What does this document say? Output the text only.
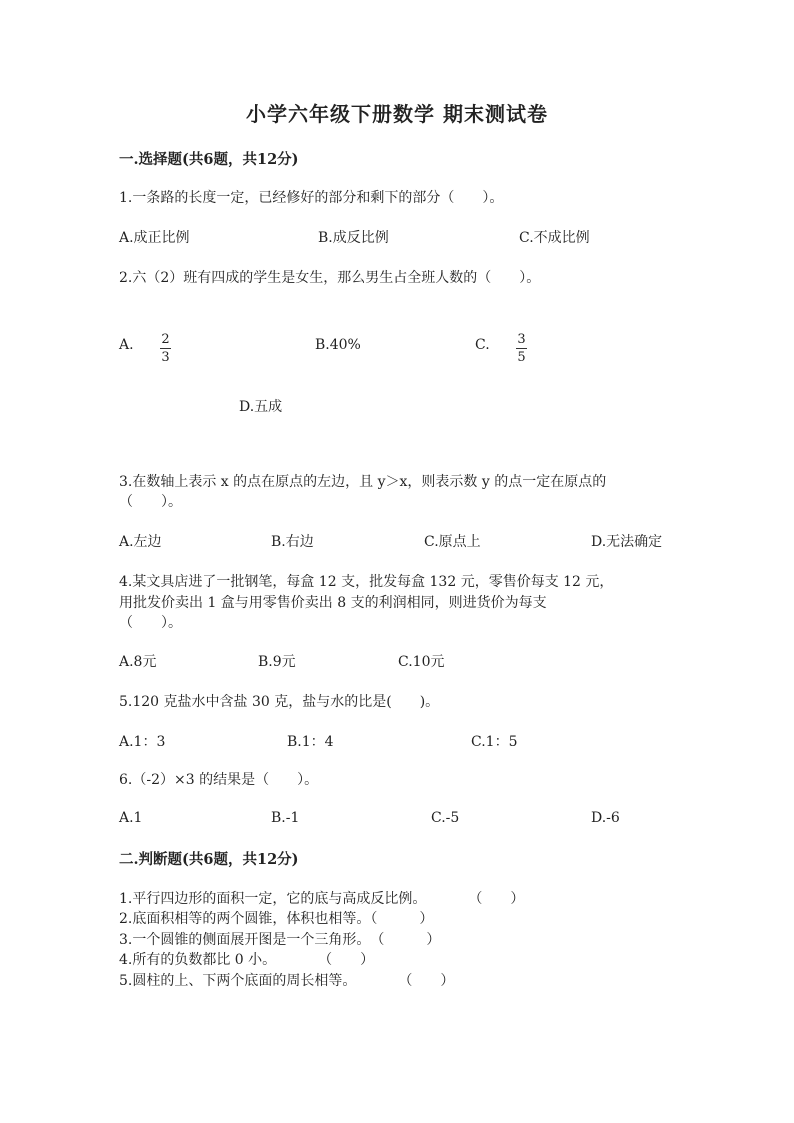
小学六年级下册数学 期末测试卷
一.选择题(共6题，共12分)
1.一条路的长度一定，已经修好的部分和剩下的部分（　　）。
A.成正比例	B.成反比例	C.不成比例
2.六（2）班有四成的学生是女生，那么男生占全班人数的（　　）。
A. $\frac{2}{3}$	B.40%	C. $\frac{3}{5}$
D.五成
3.在数轴上表示 x 的点在原点的左边，且 y＞x，则表示数 y 的点一定在原点的
（　　）。
A.左边	B.右边	C.原点上	D.无法确定
4.某文具店进了一批钢笔，每盒 12 支，批发每盒 132 元，零售价每支 12 元，
用批发价卖出 1 盒与用零售价卖出 8 支的利润相同，则进货价为每支
（　　）。
A.8元	B.9元	C.10元
5.120 克盐水中含盐 30 克，盐与水的比是(　　)。
A.1：3	B.1：4	C.1：5
6.（-2）×3 的结果是（　　）。
A.1	B.-1	C.-5	D.-6
二.判断题(共6题，共12分)
1.平行四边形的面积一定，它的底与高成反比例。　　　　（　　）
2.底面积相等的两个圆锥，体积也相等。（　　　）
3.一个圆锥的侧面展开图是一个三角形。　（　　　）
4.所有的负数都比 0 小。　　　　（　　）
5.圆柱的上、下两个底面的周长相等。　　　　（　　）
